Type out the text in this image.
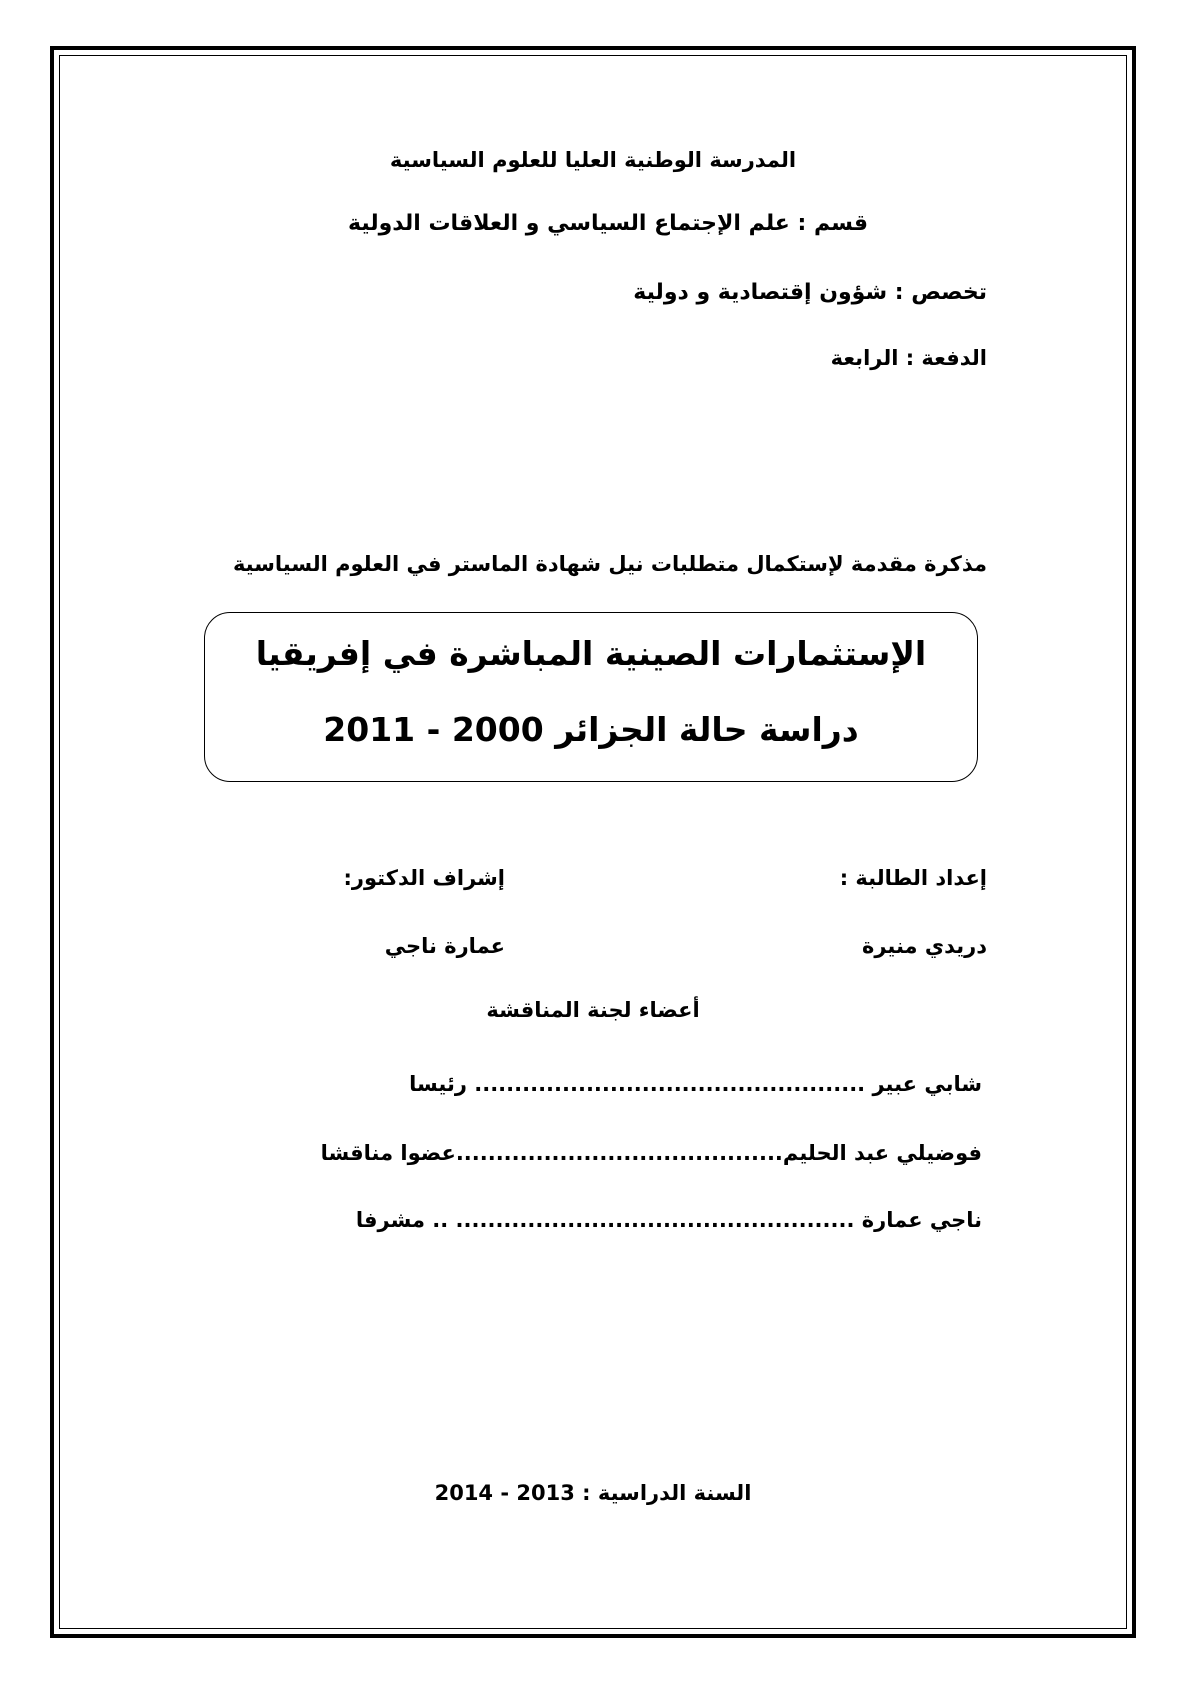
المدرسة الوطنية العليا للعلوم السياسية
قسم : علم الإجتماع السياسي و العلاقات الدولية
تخصص : شؤون إقتصادية و دولية
الدفعة : الرابعة
مذكرة مقدمة لإستكمال متطلبات نيل شهادة الماستر في العلوم السياسية
الإستثمارات الصينية المباشرة في إفريقيا
دراسة حالة الجزائر 2000 - 2011
إعداد الطالبة :
إشراف الدكتور:
دريدي منيرة
عمارة ناجي
أعضاء لجنة المناقشة
شابي عبير ................................................. رئيسا
فوضيلي عبد الحليم.........................................عضوا مناقشا
ناجي عمارة .................................................. .. مشرفا
السنة الدراسية : 2013 - 2014
